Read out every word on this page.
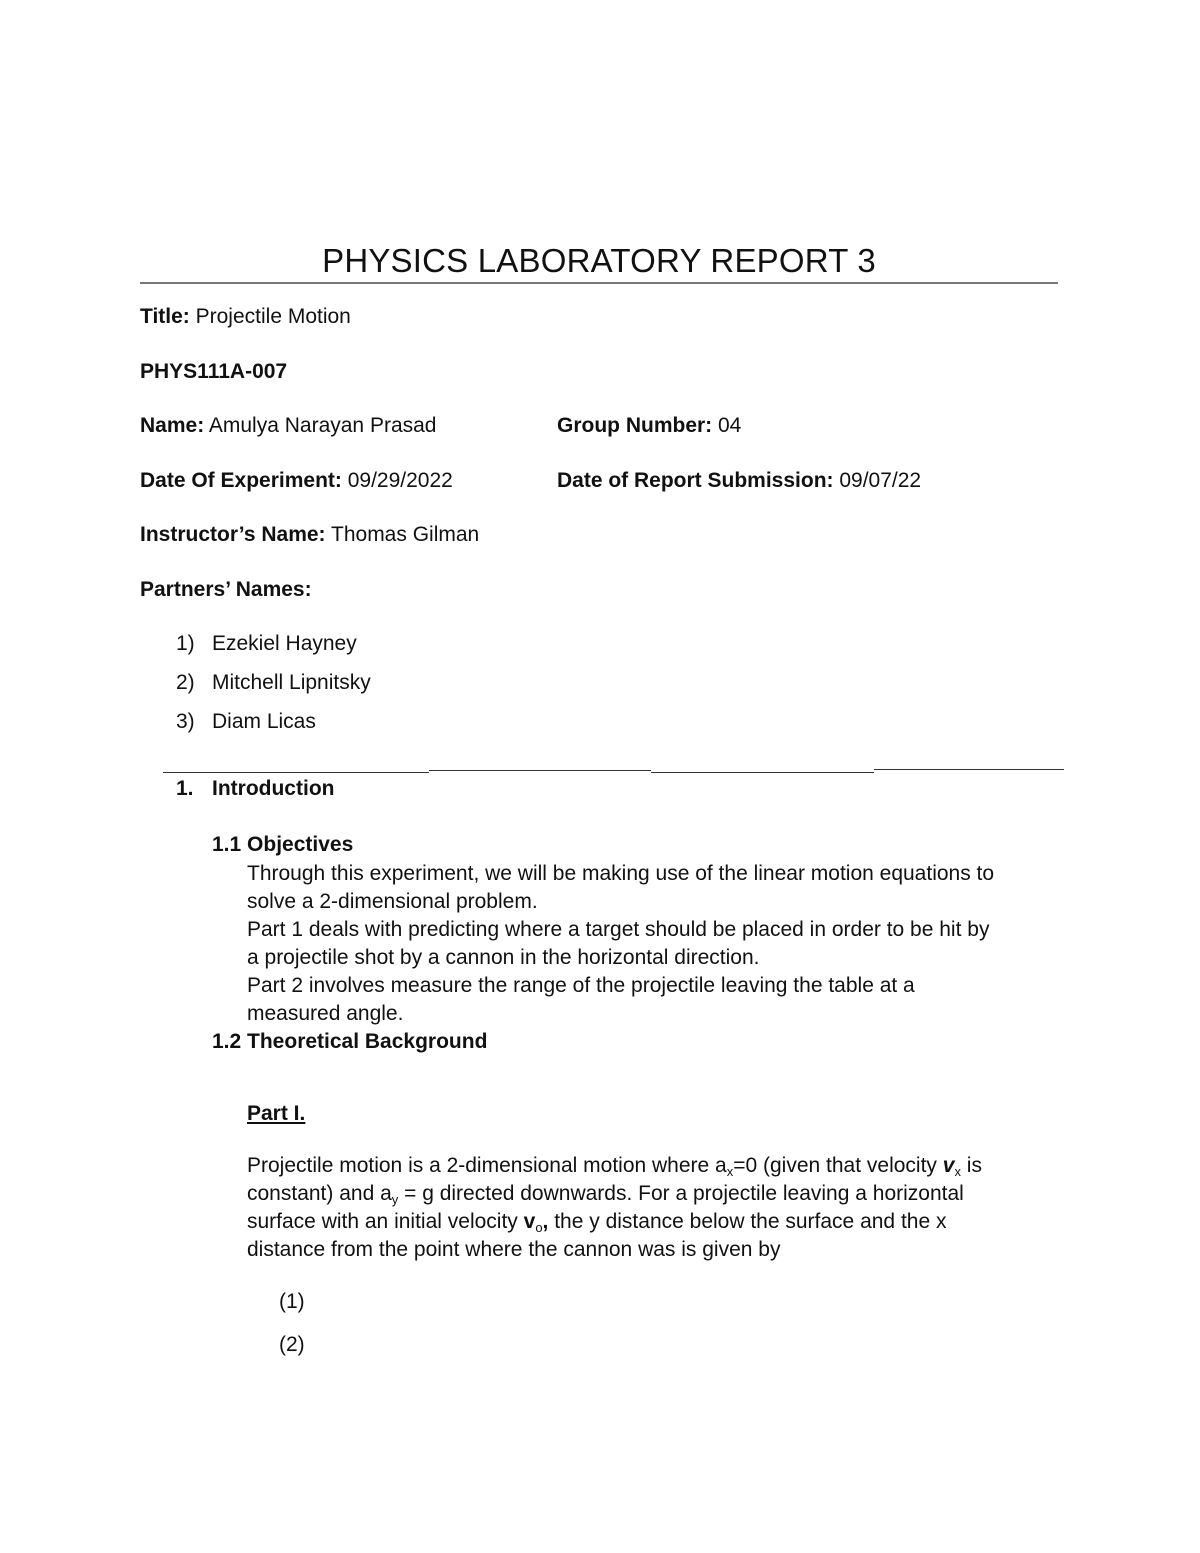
PHYSICS LABORATORY REPORT 3
Title: Projectile Motion
PHYS111A-007
Name: Amulya Narayan Prasad	Group Number: 04
Date Of Experiment: 09/29/2022	Date of Report Submission: 09/07/22
Instructor’s Name: Thomas Gilman
Partners’ Names:
1) Ezekiel Hayney
2) Mitchell Lipnitsky
3) Diam Licas
1. Introduction
1.1 Objectives
Through this experiment, we will be making use of the linear motion equations to
solve a 2-dimensional problem.
Part 1 deals with predicting where a target should be placed in order to be hit by
a projectile shot by a cannon in the horizontal direction.
Part 2 involves measure the range of the projectile leaving the table at a
measured angle.
1.2 Theoretical Background
Part I.
Projectile motion is a 2-dimensional motion where $a_x=0$ (given that velocity $v_x$ is
constant) and $a_y = g$ directed downwards. For a projectile leaving a horizontal
surface with an initial velocity $v_o$, the y distance below the surface and the x
distance from the point where the cannon was is given by
(1)
(2)
